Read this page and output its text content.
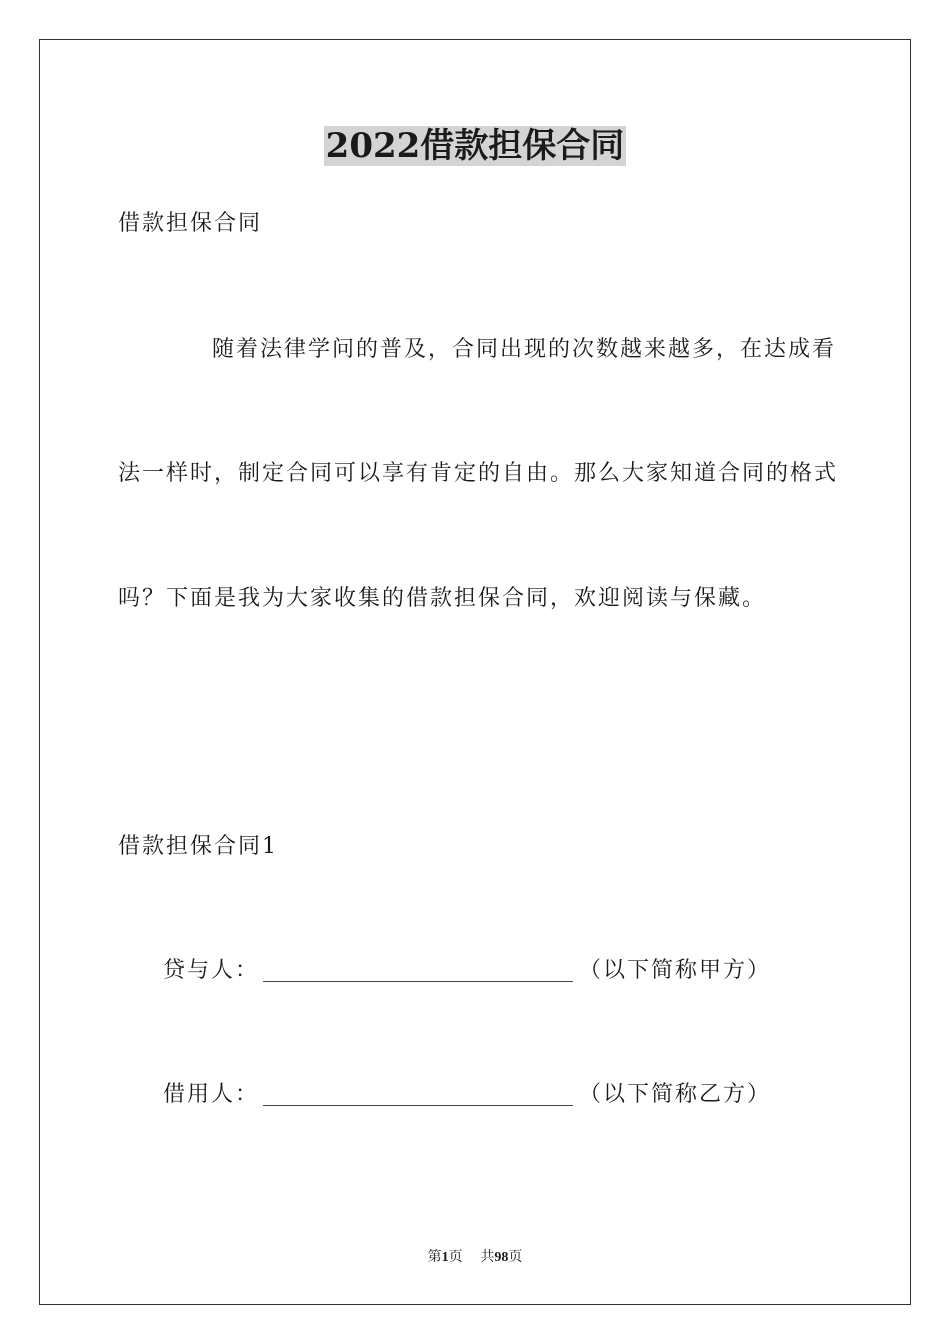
2022借款担保合同
借款担保合同
随着法律学问的普及，合同出现的次数越来越多，在达成看
法一样时，制定合同可以享有肯定的自由。那么大家知道合同的格式
吗？下面是我为大家收集的借款担保合同，欢迎阅读与保藏。
借款担保合同1
贷与人：	（以下简称甲方）
借用人：	（以下简称乙方）
第1页 共98页
